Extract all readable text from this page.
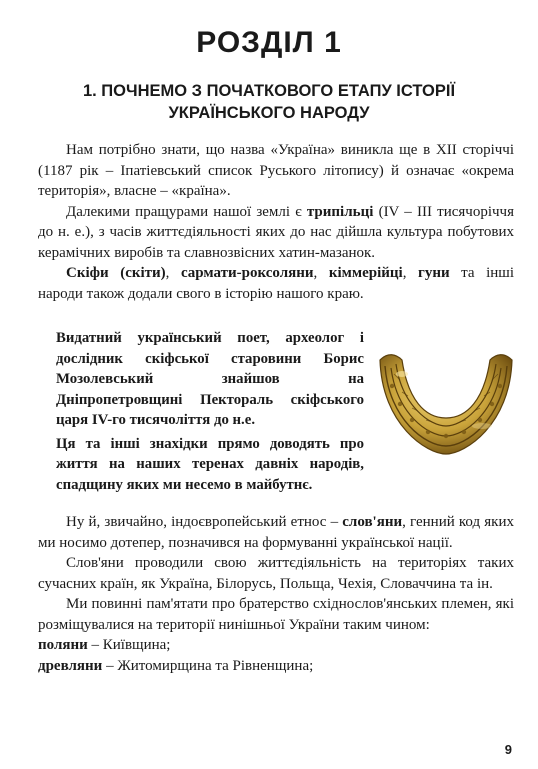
РОЗДІЛ 1
1. ПОЧНЕМО З ПОЧАТКОВОГО ЕТАПУ ІСТОРІЇ УКРАЇНСЬКОГО НАРОДУ

Нам потрібно знати, що назва «Україна» виникла ще в XII сторіччі (1187 рік – Іпатіевський список Руського літопису) й означає «окрема територія», власне – «країна».

Далекими пращурами нашої землі є трипільці (IV – III тисячоріччя до н. е.), з часів життєдіяльності яких до нас дійшла культура побутових керамічних виробів та славнозвісних хатин-мазанок.

Скіфи (скіти), сармати-роксоляни, кіммерійці, гуни та інші народи також додали свого в історію нашого краю.

Видатний український поет, археолог і дослідник скіфської старовини Борис Мозолевський знайшов на Дніпропетровщині Пектораль скіфського царя IV-го тисячоліття до н.е.

Ця та інші знахідки прямо доводять про життя на наших теренах давніх народів, спадщину яких ми несемо в майбутнє.

Ну й, звичайно, індоєвропейський етнос – слов'яни, генний код яких ми носимо дотепер, позначився на формуванні української нації.

Слов'яни проводили свою життєдіяльність на територіях таких сучасних країн, як Україна, Білорусь, Польща, Чехія, Словаччина та ін.

Ми повинні пам'ятати про братерство східнослов'янських племен, які розміщувалися на території нинішньої України таким чином:

поляни – Київщина;

древляни – Житомирщина та Рівненщина;

9
